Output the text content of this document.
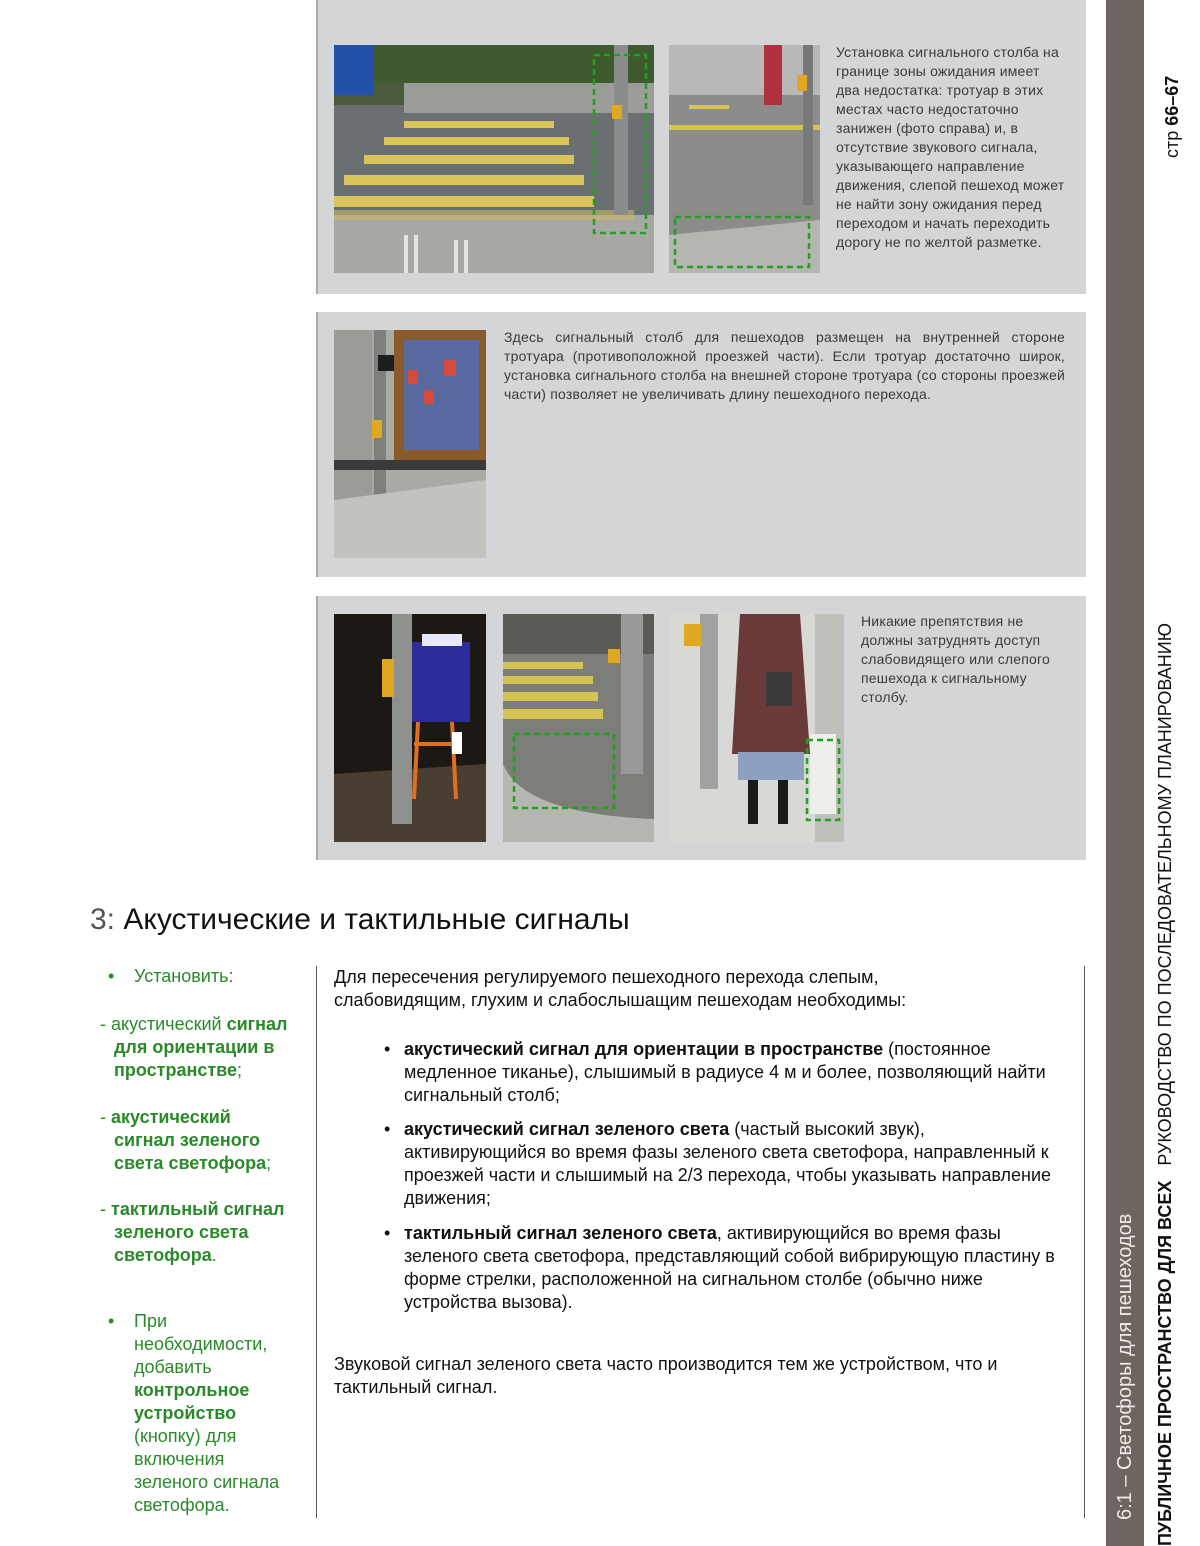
6:1 – Светофоры для пешеходов ПУБЛИЧНОЕ ПРОСТРАНСТВО ДЛЯ ВСЕХ   РУКОВОДСТВО ПО ПОСЛЕДОВАТЕЛЬНОМУ ПЛАНИРОВАНИЮ
стр 66–67
Установка сигнального столба на границе зоны ожидания имеет два недостатка: тротуар в этих местах часто недостаточно занижен (фото справа) и, в отсутствие звукового сигнала, указывающего направление движения, слепой пешеход может не найти зону ожидания перед переходом и начать переходить дорогу не по желтой разметке.
Здесь сигнальный столб для пешеходов размещен на внутренней стороне тротуара (противоположной проезжей части). Если тротуар достаточно широк, установка сигнального столба на внешней стороне тротуара (со стороны проезжей части) позволяет не увеличивать длину пешеходного перехода.
Никакие препятствия не должны затруднять доступ слабовидящего или слепого пешехода к сигнальному столбу.
3: Акустические и тактильные сигналы
• Установить:
- акустический сигнал
для ориентации в
пространстве;
- акустический
сигнал зеленого
света светофора;
- тактильный сигнал
зеленого света
светофора.
• При
необходимости,
добавить
контрольное
устройство
(кнопку) для
включения
зеленого сигнала
светофора.
Для пересечения регулируемого пешеходного перехода слепым,
слабовидящим, глухим и слабослышащим пешеходам необходимы:
• акустический сигнал для ориентации в пространстве (постоянное медленное тиканье), слышимый в радиусе 4 м и более, позволяющий найти сигнальный столб;
• акустический сигнал зеленого света (частый высокий звук), активирующийся во время фазы зеленого света светофора, направленный к проезжей части и слышимый на 2/3 перехода, чтобы указывать направление движения;
• тактильный сигнал зеленого света, активирующийся во время фазы зеленого света светофора, представляющий собой вибрирующую пластину в форме стрелки, расположенной на сигнальном столбе (обычно ниже устройства вызова).
Звуковой сигнал зеленого света часто производится тем же устройством, что и тактильный сигнал.
